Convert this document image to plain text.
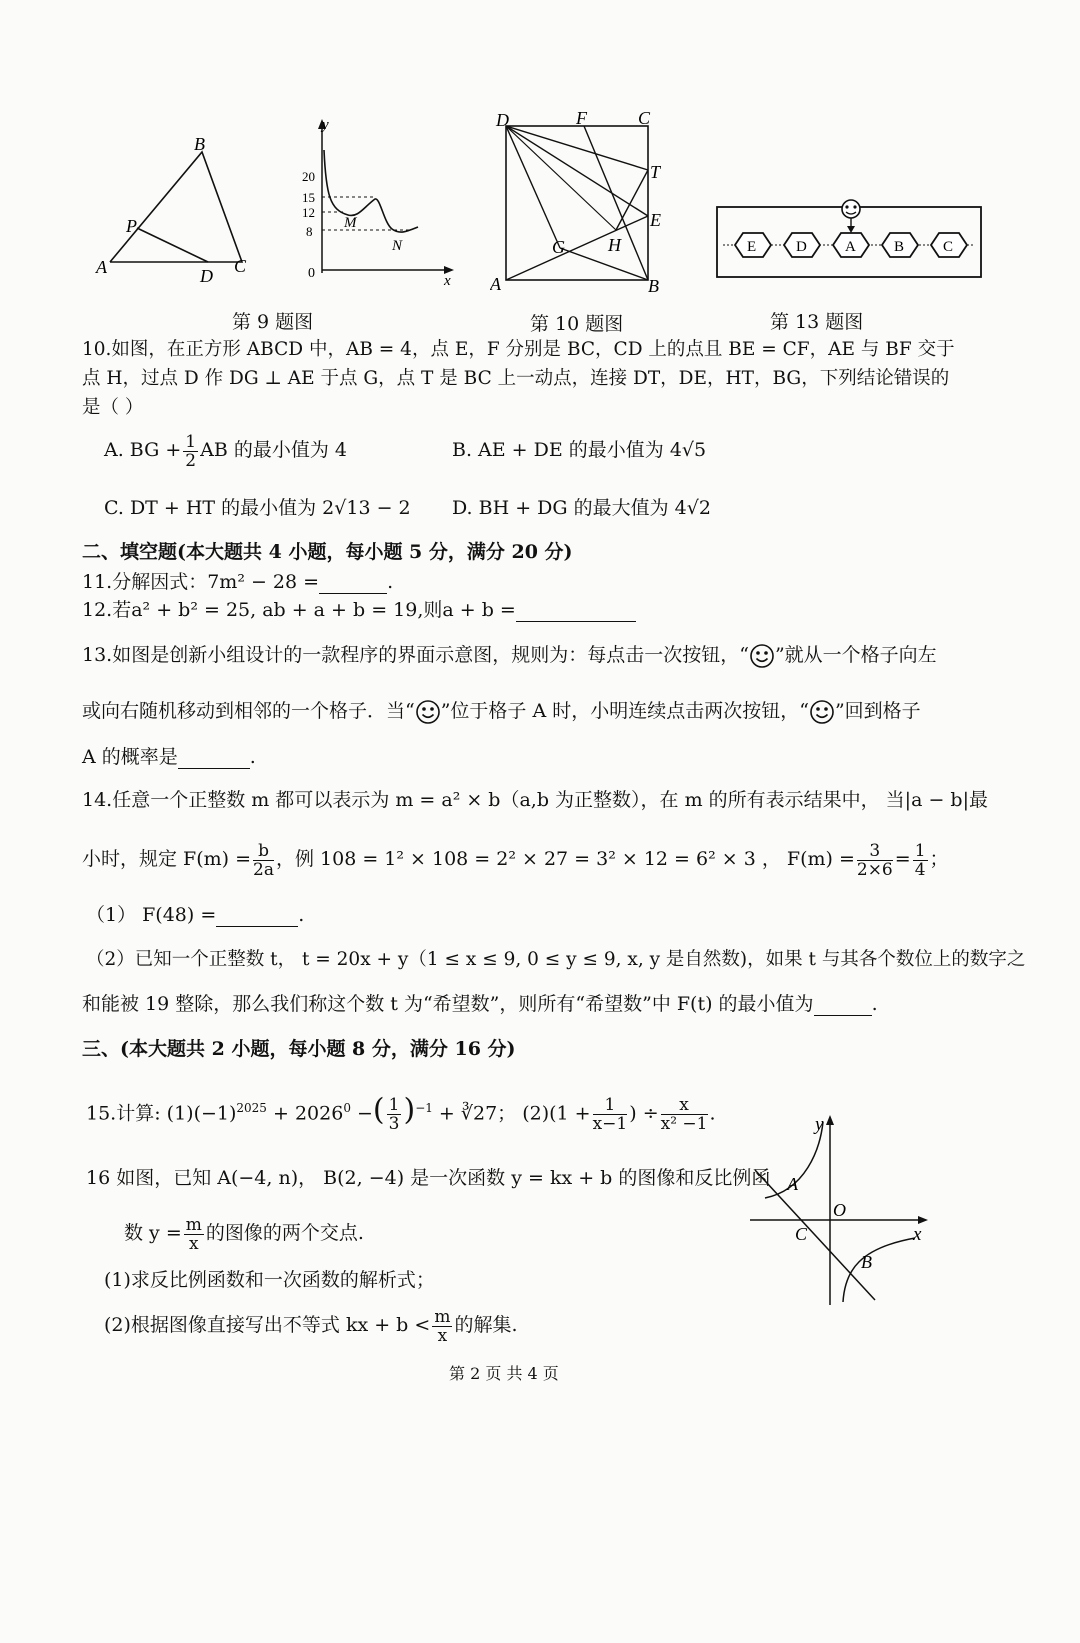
A
B
C
D
P
y
x
0
20
15
12
8
M
N
D	F	C
T
E
G H
A	B
E	D	A	B	C
第 9 题图	第 10 题图	第 13 题图
10.如图，在正方形 ABCD 中，AB = 4，点 E，F 分别是 BC，CD 上的点且 BE = CF，AE 与 BF 交于
点 H，过点 D 作 DG ⊥ AE 于点 G，点 T 是 BC 上一动点，连接 DT，DE，HT，BG，下列结论错误的
是（ ）
A. BG + $\frac{1}{2}$ AB 的最小值为 4	B. AE + DE 的最小值为 4√5
C. DT + HT 的最小值为 2√13 − 2 D. BH + DG 的最大值为 4√2
二、填空题(本大题共 4 小题，每小题 5 分，满分 20 分)
11.分解因式：7m² − 28 =	.
12.若a² + b² = 25, ab + a + b = 19,则a + b =
13.如图是创新小组设计的一款程序的界面示意图，规则为：每点击一次按钮，“ ”就从一个格子向左
或向右随机移动到相邻的一个格子．当“ ”位于格子 A 时，小明连续点击两次按钮，“ ”回到格子
A 的概率是	.
14.任意一个正整数 m 都可以表示为 m = a² × b（a,b 为正整数），在 m 的所有表示结果中， 当|a − b|最
小时，规定 $F(m) = \frac{b}{2a}$ ，例 108 = 1² × 108 = 2² × 27 = 3² × 12 = 6² × 3 ， $F(m) = \frac{3}{2\times 6} = \frac{1}{4}$ ；
（1） F(48) =	.
（2）已知一个正整数 t， t = 20x + y（1 ≤ x ≤ 9, 0 ≤ y ≤ 9, x, y 是自然数)，如果 t 与其各个数位上的数字之
和能被 19 整除，那么我们称这个数 t 为“希望数”，则所有“希望数”中 F(t) 的最小值为	.
三、(本大题共 2 小题，每小题 8 分，满分 16 分)
15.计算: $(1)(-1)^{2025} + 2026^0$ −( $\frac{1}{3} )^{-1}$ + ∛27； $(2)(1 + \frac{1}{x-1}$ ) ÷ $\frac{x}{\text{x² −1}}$ .
16 如图，已知 A(−4, n)， B(2, −4) 是一次函数 y = kx + b 的图像和反比例函
数 $y = \frac{m}{x}$ 的图像的两个交点.
(1)求反比例函数和一次函数的解析式；
(2)根据图像直接写出不等式 kx + $b < \frac{m}{x}$ 的解集.
y
x
O
A
B
C
第 2 页 共 4 页
